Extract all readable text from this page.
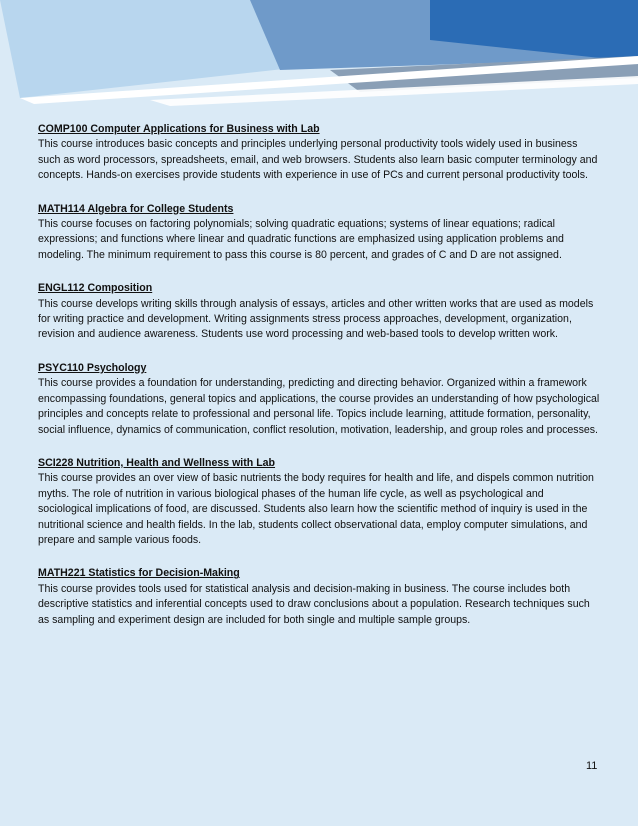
COMP100 Computer Applications for Business with Lab

This course introduces basic concepts and principles underlying personal productivity tools widely used in business such as word processors, spreadsheets, email, and web browsers. Students also learn basic computer terminology and concepts. Hands-on exercises provide students with experience in use of PCs and current personal productivity tools.

MATH114 Algebra for College Students

This course focuses on factoring polynomials; solving quadratic equations; systems of linear equations; radical expressions; and functions where linear and quadratic functions are emphasized using application problems and modeling. The minimum requirement to pass this course is 80 percent, and grades of C and D are not assigned.

ENGL112 Composition

This course develops writing skills through analysis of essays, articles and other written works that are used as models for writing practice and development. Writing assignments stress process approaches, development, organization, revision and audience awareness. Students use word processing and web-based tools to develop written work.

PSYC110 Psychology

This course provides a foundation for understanding, predicting and directing behavior. Organized within a framework encompassing foundations, general topics and applications, the course provides an understanding of how psychological principles and concepts relate to professional and personal life. Topics include learning, attitude formation, personality, social influence, dynamics of communication, conflict resolution, motivation, leadership, and group roles and processes.

SCI228 Nutrition, Health and Wellness with Lab

This course provides an over view of basic nutrients the body requires for health and life, and dispels common nutrition myths. The role of nutrition in various biological phases of the human life cycle, as well as psychological and sociological implications of food, are discussed. Students also learn how the scientific method of inquiry is used in the nutritional science and health fields. In the lab, students collect observational data, employ computer simulations, and prepare and sample various foods.

MATH221 Statistics for Decision-Making

This course provides tools used for statistical analysis and decision-making in business. The course includes both descriptive statistics and inferential concepts used to draw conclusions about a population. Research techniques such as sampling and experiment design are included for both single and multiple sample groups.

11
